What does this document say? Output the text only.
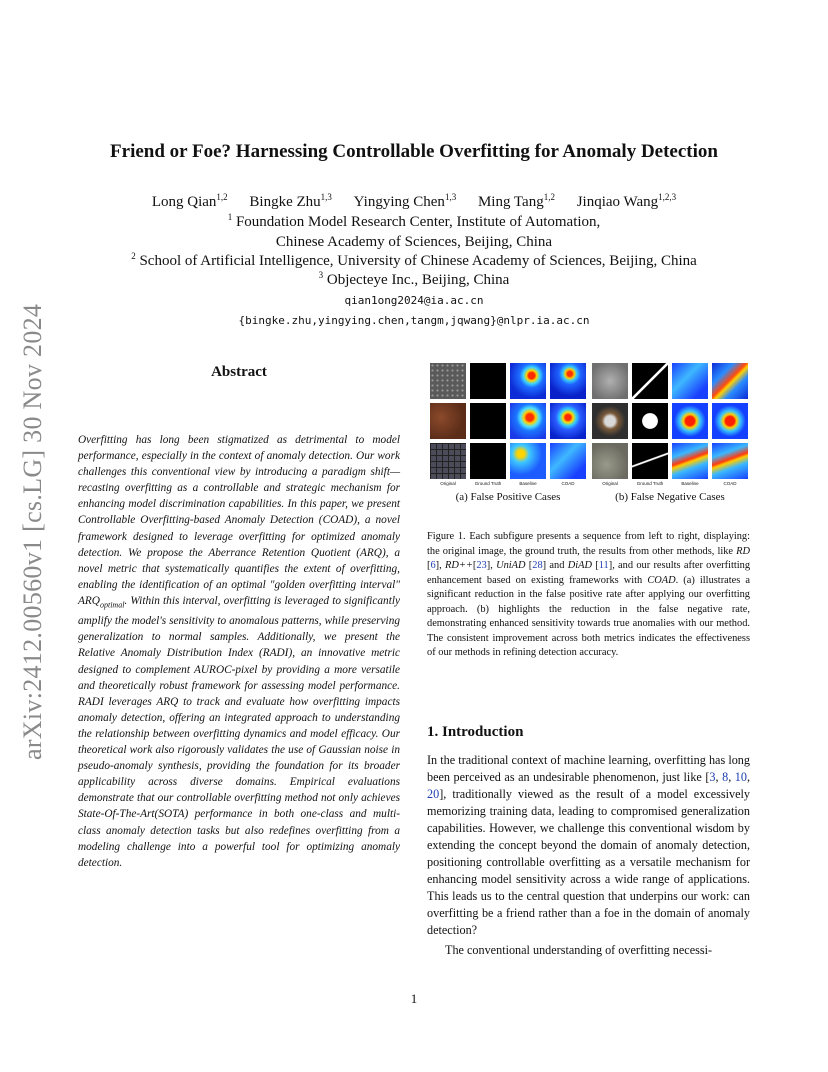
arXiv:2412.00560v1 [cs.LG] 30 Nov 2024
Friend or Foe? Harnessing Controllable Overfitting for Anomaly Detection
Long Qian$^{1,2}$ Bingke Zhu$^{1,3}$ Yingying Chen$^{1,3}$ Ming Tang$^{1,2}$ Jinqiao Wang$^{1,2,3}$
$^1$ Foundation Model Research Center, Institute of Automation,
Chinese Academy of Sciences, Beijing, China
$^2$ School of Artificial Intelligence, University of Chinese Academy of Sciences, Beijing, China
$^3$ Objecteye Inc., Beijing, China
qian1ong2024@ia.ac.cn
{bingke.zhu,yingying.chen,tangm,jqwang}@nlpr.ia.ac.cn
Abstract
Overfitting has long been stigmatized as detrimental to model performance, especially in the context of anomaly detection. Our work challenges this conventional view by introducing a paradigm shift—recasting overfitting as a controllable and strategic mechanism for enhancing model discrimination capabilities. In this paper, we present Controllable Overfitting-based Anomaly Detection (COAD), a novel framework designed to leverage overfitting for optimized anomaly detection. We propose the Aberrance Retention Quotient (ARQ), a novel metric that systematically quantifies the extent of overfitting, enabling the identification of an optimal "golden overfitting interval" $ARQ_{optimal}$. Within this interval, overfitting is leveraged to significantly amplify the model's sensitivity to anomalous patterns, while preserving generalization to normal samples. Additionally, we present the Relative Anomaly Distribution Index (RADI), an innovative metric designed to complement AUROC-pixel by providing a more versatile and theoretically robust framework for assessing model performance. RADI leverages ARQ to track and evaluate how overfitting impacts anomaly detection, offering an integrated approach to understanding the relationship between overfitting dynamics and model efficacy. Our theoretical work also rigorously validates the use of Gaussian noise in pseudo-anomaly synthesis, providing the foundation for its broader applicability across diverse domains. Empirical evaluations demonstrate that our controllable overfitting method not only achieves State-Of-The-Art(SOTA) performance in both one-class and multi-class anomaly detection tasks but also redefines overfitting from a modeling challenge into a powerful tool for optimizing anomaly detection.
Original	Ground Truth	Baseline	COAD
(a) False Positive Cases
Original	Ground Truth	Baseline	COAD
(b) False Negative Cases
Figure 1. Each subfigure presents a sequence from left to right, displaying: the original image, the ground truth, the results from other methods, like RD [6], RD++[23], UniAD [28] and DiAD [11], and our results after overfitting enhancement based on existing frameworks with COAD. (a) illustrates a significant reduction in the false positive rate after applying our overfitting approach. (b) highlights the reduction in the false negative rate, demonstrating enhanced sensitivity towards true anomalies with our method. The consistent improvement across both metrics indicates the effectiveness of our methods in refining detection accuracy.
1. Introduction

In the traditional context of machine learning, overfitting has long been perceived as an undesirable phenomenon, just like [3, 8, 10, 20], traditionally viewed as the result of a model excessively memorizing training data, leading to compromised generalization capabilities. However, we challenge this conventional wisdom by extending the concept beyond the domain of anomaly detection, positioning controllable overfitting as a versatile mechanism for enhancing model sensitivity across a wide range of applications. This leads us to the central question that underpins our work: can overfitting be a friend rather than a foe in the domain of anomaly detection?

The conventional understanding of overfitting necessi-

1
